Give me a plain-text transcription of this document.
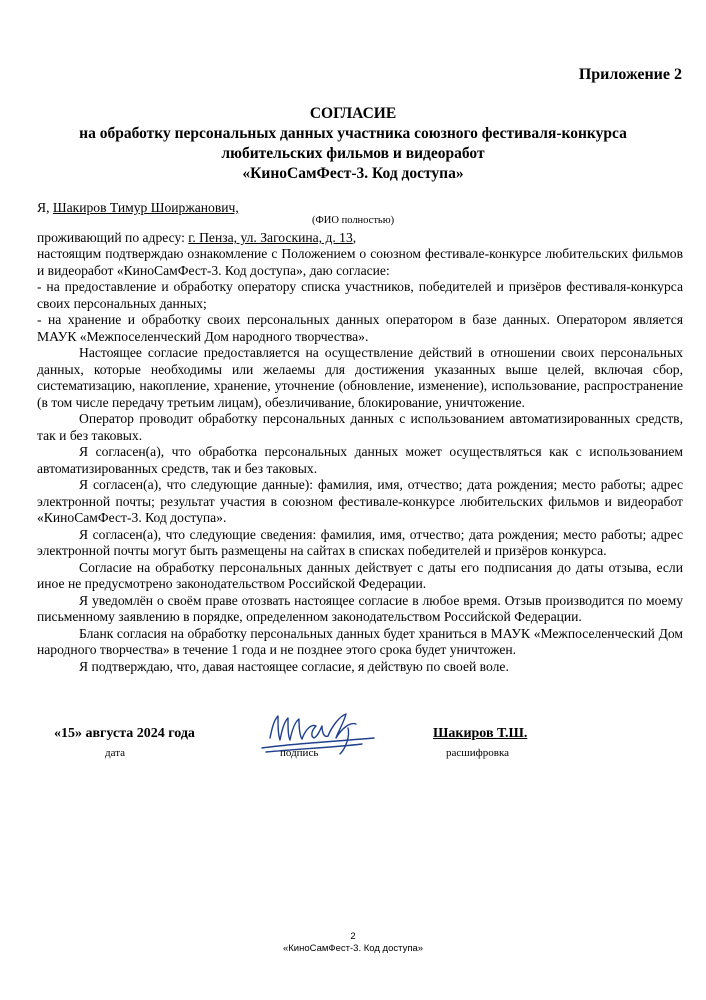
Приложение 2
СОГЛАСИЕ
на обработку персональных данных участника союзного фестиваля-конкурса
любительских фильмов и видеоработ
«КиноСамФест-3. Код доступа»
Я, Шакиров Тимур Шоиржанович,
(ФИО полностью)
проживающий по адресу: г. Пенза, ул. Загоскина, д. 13,

настоящим подтверждаю ознакомление с Положением о союзном фестивале-конкурсе любительских фильмов и видеоработ «КиноСамФест-3. Код доступа», даю согласие:

- на предоставление и обработку оператору списка участников, победителей и призёров фестиваля-конкурса своих персональных данных;

- на хранение и обработку своих персональных данных оператором в базе данных. Оператором является МАУК «Межпоселенческий Дом народного творчества».

Настоящее согласие предоставляется на осуществление действий в отношении своих персональных данных, которые необходимы или желаемы для достижения указанных выше целей, включая сбор, систематизацию, накопление, хранение, уточнение (обновление, изменение), использование, распространение (в том числе передачу третьим лицам), обезличивание, блокирование, уничтожение.

Оператор проводит обработку персональных данных с использованием автоматизированных средств, так и без таковых.

Я согласен(а), что обработка персональных данных может осуществляться как с использованием автоматизированных средств, так и без таковых.

Я согласен(а), что следующие данные): фамилия, имя, отчество; дата рождения; место работы; адрес электронной почты; результат участия в союзном фестивале-конкурсе любительских фильмов и видеоработ «КиноСамФест-3. Код доступа».

Я согласен(а), что следующие сведения: фамилия, имя, отчество; дата рождения; место работы; адрес электронной почты могут быть размещены на сайтах в списках победителей и призёров конкурса.

Согласие на обработку персональных данных действует с даты его подписания до даты отзыва, если иное не предусмотрено законодательством Российской Федерации.

Я уведомлён о своём праве отозвать настоящее согласие в любое время. Отзыв производится по моему письменному заявлению в порядке, определенном законодательством Российской Федерации.

Бланк согласия на обработку персональных данных будет храниться в МАУК «Межпоселенческий Дом народного творчества» в течение 1 года и не позднее этого срока будет уничтожен.

Я подтверждаю, что, давая настоящее согласие, я действую по своей воле.

«15» августа 2024 года
дата	подпись
Шакиров Т.Ш.
расшифровка
2
«КиноСамФест-3. Код доступа»
